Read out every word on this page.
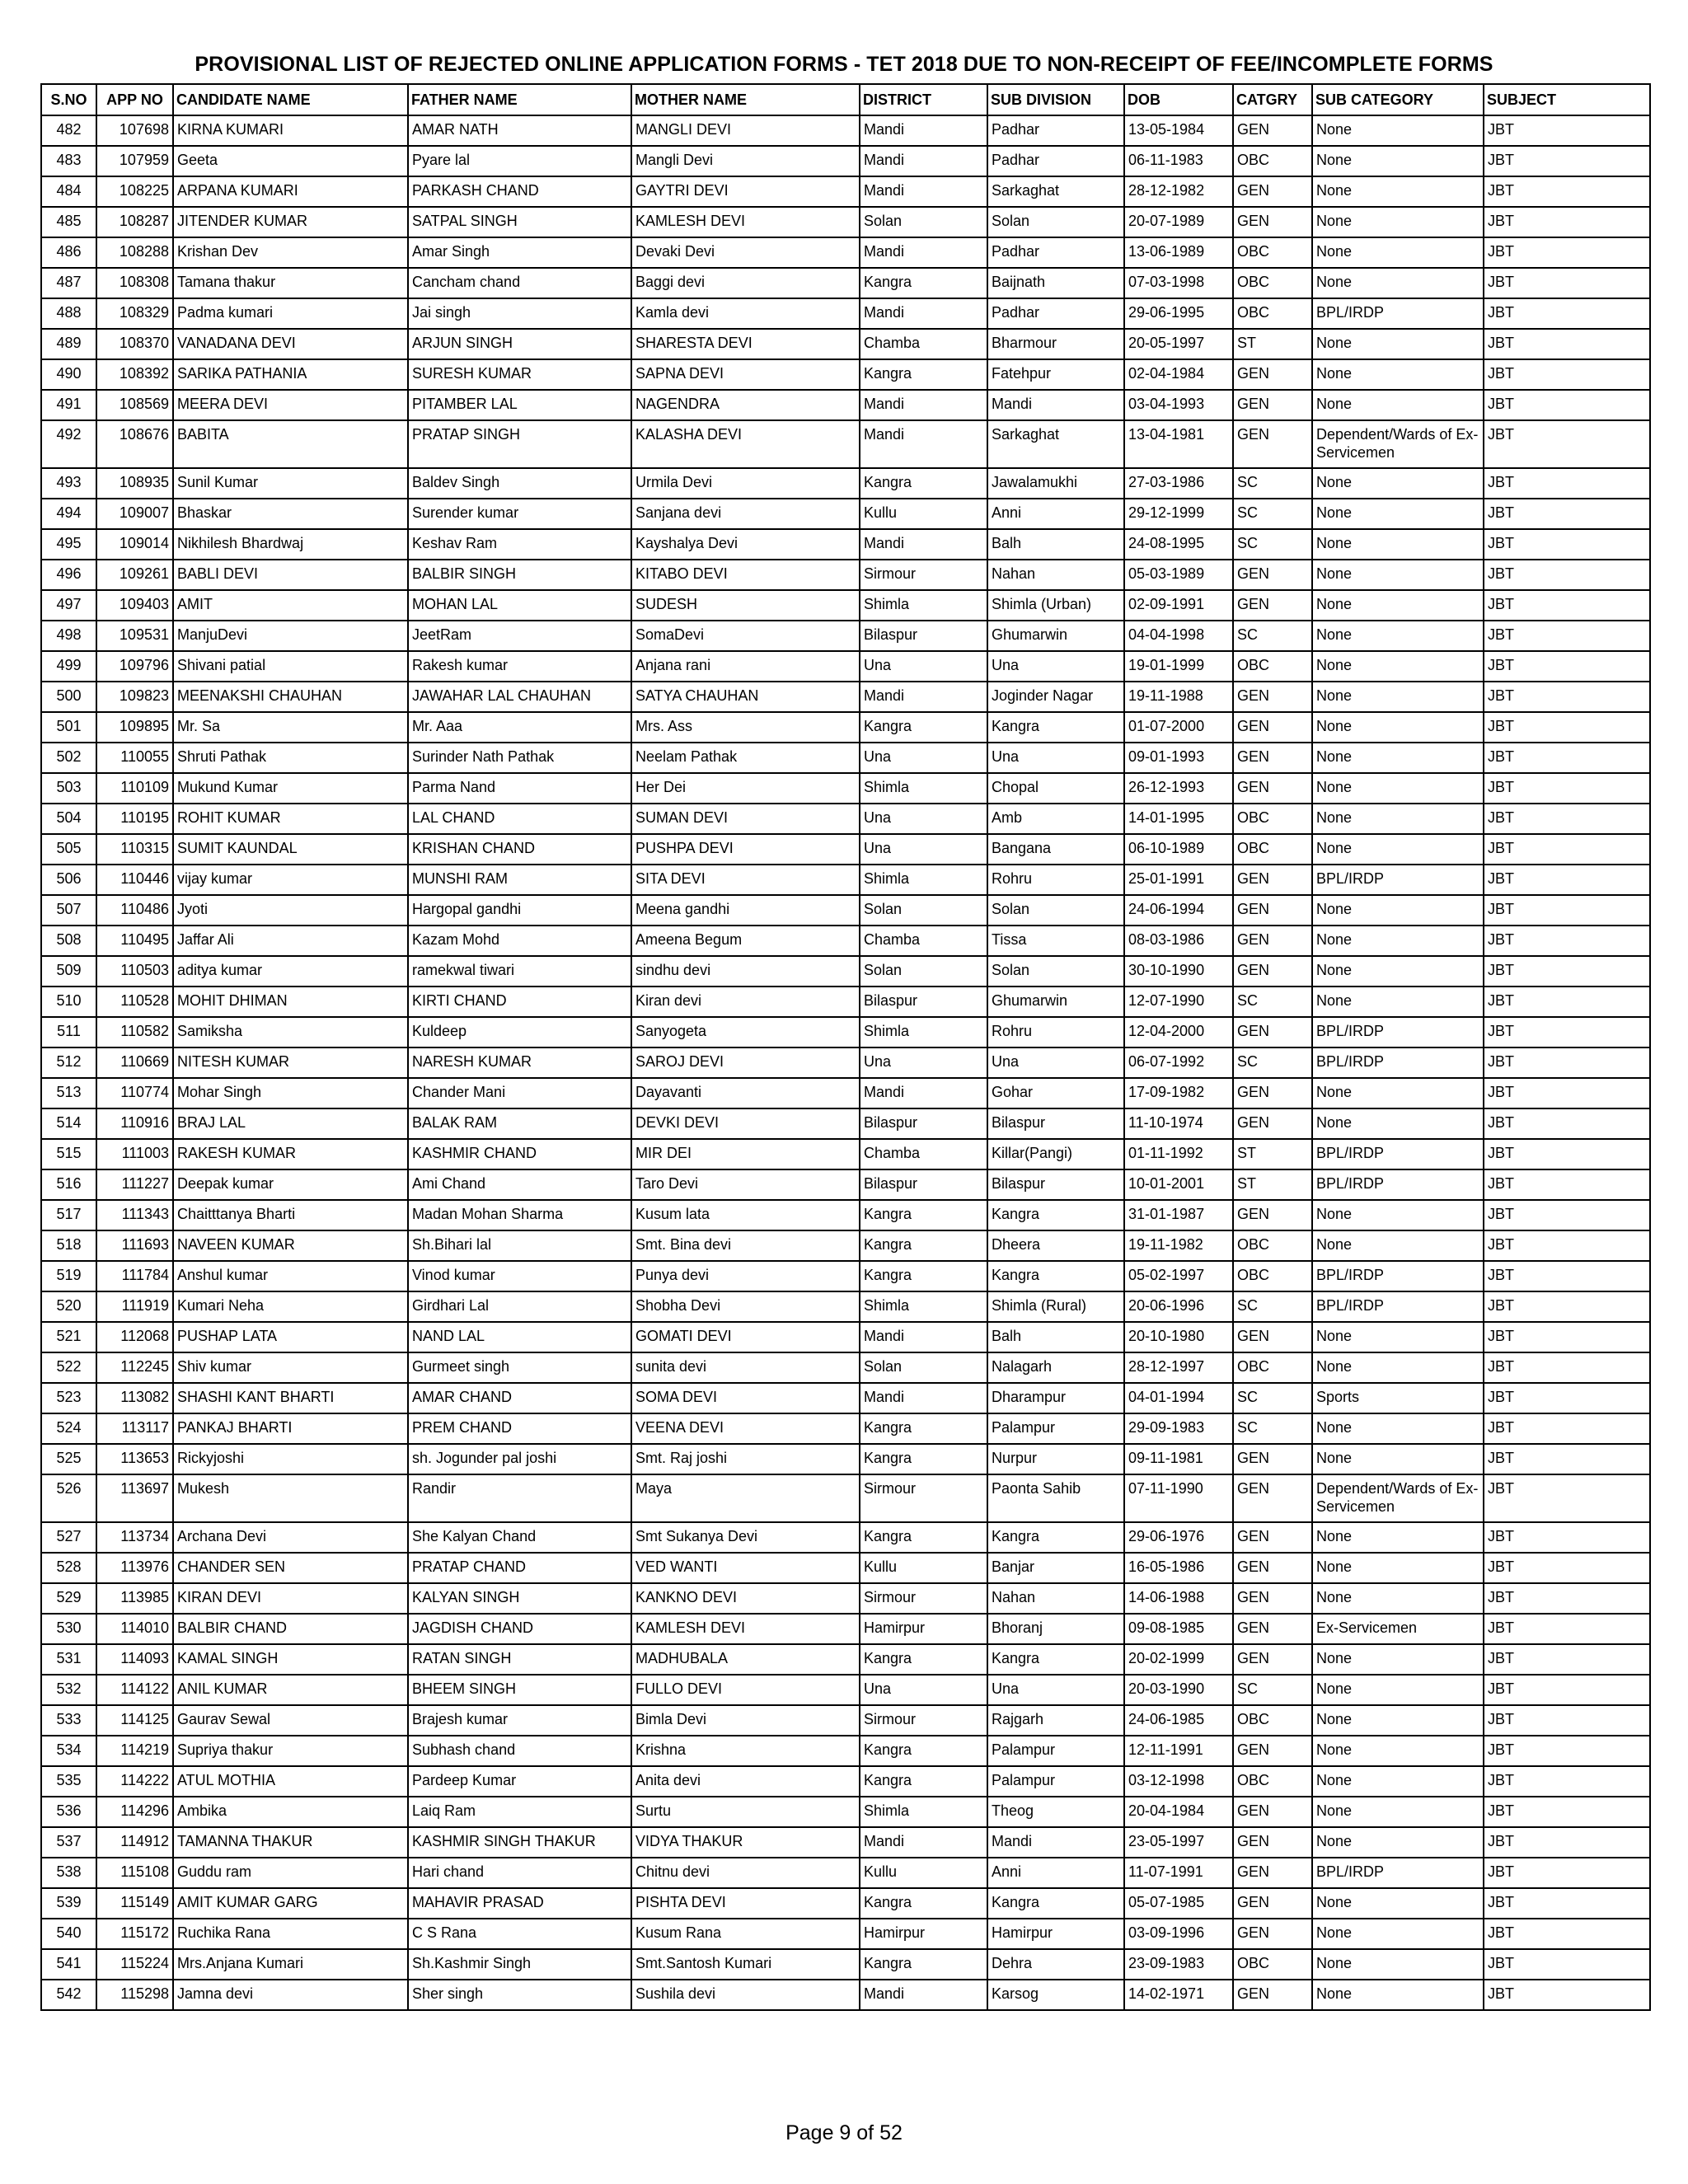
PROVISIONAL LIST OF REJECTED ONLINE APPLICATION FORMS - TET 2018 DUE TO NON-RECEIPT OF FEE/INCOMPLETE FORMS
S.NO	APP NO	CANDIDATE NAME	FATHER NAME	MOTHER NAME	DISTRICT	SUB DIVISION	DOB	CATGRY	SUB CATEGORY	SUBJECT
482	107698	KIRNA KUMARI	AMAR NATH	MANGLI DEVI	Mandi	Padhar	13-05-1984	GEN	None	JBT
483	107959	Geeta	Pyare lal	Mangli Devi	Mandi	Padhar	06-11-1983	OBC	None	JBT
484	108225	ARPANA KUMARI	PARKASH CHAND	GAYTRI DEVI	Mandi	Sarkaghat	28-12-1982	GEN	None	JBT
485	108287	JITENDER KUMAR	SATPAL SINGH	KAMLESH DEVI	Solan	Solan	20-07-1989	GEN	None	JBT
486	108288	Krishan Dev	Amar Singh	Devaki Devi	Mandi	Padhar	13-06-1989	OBC	None	JBT
487	108308	Tamana thakur	Cancham chand	Baggi devi	Kangra	Baijnath	07-03-1998	OBC	None	JBT
488	108329	Padma kumari	Jai singh	Kamla devi	Mandi	Padhar	29-06-1995	OBC	BPL/IRDP	JBT
489	108370	VANADANA DEVI	ARJUN SINGH	SHARESTA DEVI	Chamba	Bharmour	20-05-1997	ST	None	JBT
490	108392	SARIKA PATHANIA	SURESH KUMAR	SAPNA DEVI	Kangra	Fatehpur	02-04-1984	GEN	None	JBT
491	108569	MEERA DEVI	PITAMBER LAL	NAGENDRA	Mandi	Mandi	03-04-1993	GEN	None	JBT
492	108676	BABITA	PRATAP SINGH	KALASHA DEVI	Mandi	Sarkaghat	13-04-1981	GEN	Dependent/Wards of Ex-Servicemen	JBT
493	108935	Sunil Kumar	Baldev Singh	Urmila Devi	Kangra	Jawalamukhi	27-03-1986	SC	None	JBT
494	109007	Bhaskar	Surender kumar	Sanjana devi	Kullu	Anni	29-12-1999	SC	None	JBT
495	109014	Nikhilesh Bhardwaj	Keshav Ram	Kayshalya Devi	Mandi	Balh	24-08-1995	SC	None	JBT
496	109261	BABLI DEVI	BALBIR SINGH	KITABO DEVI	Sirmour	Nahan	05-03-1989	GEN	None	JBT
497	109403	AMIT	MOHAN LAL	SUDESH	Shimla	Shimla (Urban)	02-09-1991	GEN	None	JBT
498	109531	ManjuDevi	JeetRam	SomaDevi	Bilaspur	Ghumarwin	04-04-1998	SC	None	JBT
499	109796	Shivani patial	Rakesh kumar	Anjana rani	Una	Una	19-01-1999	OBC	None	JBT
500	109823	MEENAKSHI CHAUHAN	JAWAHAR LAL CHAUHAN	SATYA CHAUHAN	Mandi	Joginder Nagar	19-11-1988	GEN	None	JBT
501	109895	Mr. Sa	Mr. Aaa	Mrs. Ass	Kangra	Kangra	01-07-2000	GEN	None	JBT
502	110055	Shruti Pathak	Surinder Nath Pathak	Neelam Pathak	Una	Una	09-01-1993	GEN	None	JBT
503	110109	Mukund Kumar	Parma Nand	Her Dei	Shimla	Chopal	26-12-1993	GEN	None	JBT
504	110195	ROHIT KUMAR	LAL CHAND	SUMAN DEVI	Una	Amb	14-01-1995	OBC	None	JBT
505	110315	SUMIT KAUNDAL	KRISHAN CHAND	PUSHPA DEVI	Una	Bangana	06-10-1989	OBC	None	JBT
506	110446	vijay kumar	MUNSHI RAM	SITA DEVI	Shimla	Rohru	25-01-1991	GEN	BPL/IRDP	JBT
507	110486	Jyoti	Hargopal gandhi	Meena gandhi	Solan	Solan	24-06-1994	GEN	None	JBT
508	110495	Jaffar Ali	Kazam Mohd	Ameena Begum	Chamba	Tissa	08-03-1986	GEN	None	JBT
509	110503	aditya kumar	ramekwal tiwari	sindhu devi	Solan	Solan	30-10-1990	GEN	None	JBT
510	110528	MOHIT DHIMAN	KIRTI CHAND	Kiran devi	Bilaspur	Ghumarwin	12-07-1990	SC	None	JBT
511	110582	Samiksha	Kuldeep	Sanyogeta	Shimla	Rohru	12-04-2000	GEN	BPL/IRDP	JBT
512	110669	NITESH KUMAR	NARESH KUMAR	SAROJ DEVI	Una	Una	06-07-1992	SC	BPL/IRDP	JBT
513	110774	Mohar Singh	Chander Mani	Dayavanti	Mandi	Gohar	17-09-1982	GEN	None	JBT
514	110916	BRAJ LAL	BALAK RAM	DEVKI DEVI	Bilaspur	Bilaspur	11-10-1974	GEN	None	JBT
515	111003	RAKESH KUMAR	KASHMIR CHAND	MIR DEI	Chamba	Killar(Pangi)	01-11-1992	ST	BPL/IRDP	JBT
516	111227	Deepak kumar	Ami Chand	Taro Devi	Bilaspur	Bilaspur	10-01-2001	ST	BPL/IRDP	JBT
517	111343	Chaitttanya Bharti	Madan Mohan Sharma	Kusum lata	Kangra	Kangra	31-01-1987	GEN	None	JBT
518	111693	NAVEEN KUMAR	Sh.Bihari lal	Smt. Bina devi	Kangra	Dheera	19-11-1982	OBC	None	JBT
519	111784	Anshul kumar	Vinod kumar	Punya devi	Kangra	Kangra	05-02-1997	OBC	BPL/IRDP	JBT
520	111919	Kumari Neha	Girdhari Lal	Shobha Devi	Shimla	Shimla (Rural)	20-06-1996	SC	BPL/IRDP	JBT
521	112068	PUSHAP LATA	NAND LAL	GOMATI DEVI	Mandi	Balh	20-10-1980	GEN	None	JBT
522	112245	Shiv kumar	Gurmeet singh	sunita devi	Solan	Nalagarh	28-12-1997	OBC	None	JBT
523	113082	SHASHI KANT BHARTI	AMAR CHAND	SOMA DEVI	Mandi	Dharampur	04-01-1994	SC	Sports	JBT
524	113117	PANKAJ BHARTI	PREM CHAND	VEENA DEVI	Kangra	Palampur	29-09-1983	SC	None	JBT
525	113653	Rickyjoshi	sh. Jogunder pal joshi	Smt. Raj joshi	Kangra	Nurpur	09-11-1981	GEN	None	JBT
526	113697	Mukesh	Randir	Maya	Sirmour	Paonta Sahib	07-11-1990	GEN	Dependent/Wards of Ex-Servicemen	JBT
527	113734	Archana Devi	She Kalyan Chand	Smt Sukanya Devi	Kangra	Kangra	29-06-1976	GEN	None	JBT
528	113976	CHANDER SEN	PRATAP CHAND	VED WANTI	Kullu	Banjar	16-05-1986	GEN	None	JBT
529	113985	KIRAN DEVI	KALYAN SINGH	KANKNO DEVI	Sirmour	Nahan	14-06-1988	GEN	None	JBT
530	114010	BALBIR CHAND	JAGDISH CHAND	KAMLESH DEVI	Hamirpur	Bhoranj	09-08-1985	GEN	Ex-Servicemen	JBT
531	114093	KAMAL SINGH	RATAN SINGH	MADHUBALA	Kangra	Kangra	20-02-1999	GEN	None	JBT
532	114122	ANIL KUMAR	BHEEM SINGH	FULLO DEVI	Una	Una	20-03-1990	SC	None	JBT
533	114125	Gaurav Sewal	Brajesh kumar	Bimla Devi	Sirmour	Rajgarh	24-06-1985	OBC	None	JBT
534	114219	Supriya thakur	Subhash chand	Krishna	Kangra	Palampur	12-11-1991	GEN	None	JBT
535	114222	ATUL MOTHIA	Pardeep Kumar	Anita devi	Kangra	Palampur	03-12-1998	OBC	None	JBT
536	114296	Ambika	Laiq Ram	Surtu	Shimla	Theog	20-04-1984	GEN	None	JBT
537	114912	TAMANNA THAKUR	KASHMIR SINGH THAKUR	VIDYA THAKUR	Mandi	Mandi	23-05-1997	GEN	None	JBT
538	115108	Guddu ram	Hari chand	Chitnu devi	Kullu	Anni	11-07-1991	GEN	BPL/IRDP	JBT
539	115149	AMIT KUMAR GARG	MAHAVIR PRASAD	PISHTA DEVI	Kangra	Kangra	05-07-1985	GEN	None	JBT
540	115172	Ruchika Rana	C S Rana	Kusum Rana	Hamirpur	Hamirpur	03-09-1996	GEN	None	JBT
541	115224	Mrs.Anjana Kumari	Sh.Kashmir Singh	Smt.Santosh Kumari	Kangra	Dehra	23-09-1983	OBC	None	JBT
542	115298	Jamna devi	Sher singh	Sushila devi	Mandi	Karsog	14-02-1971	GEN	None	JBT
Page 9 of 52
